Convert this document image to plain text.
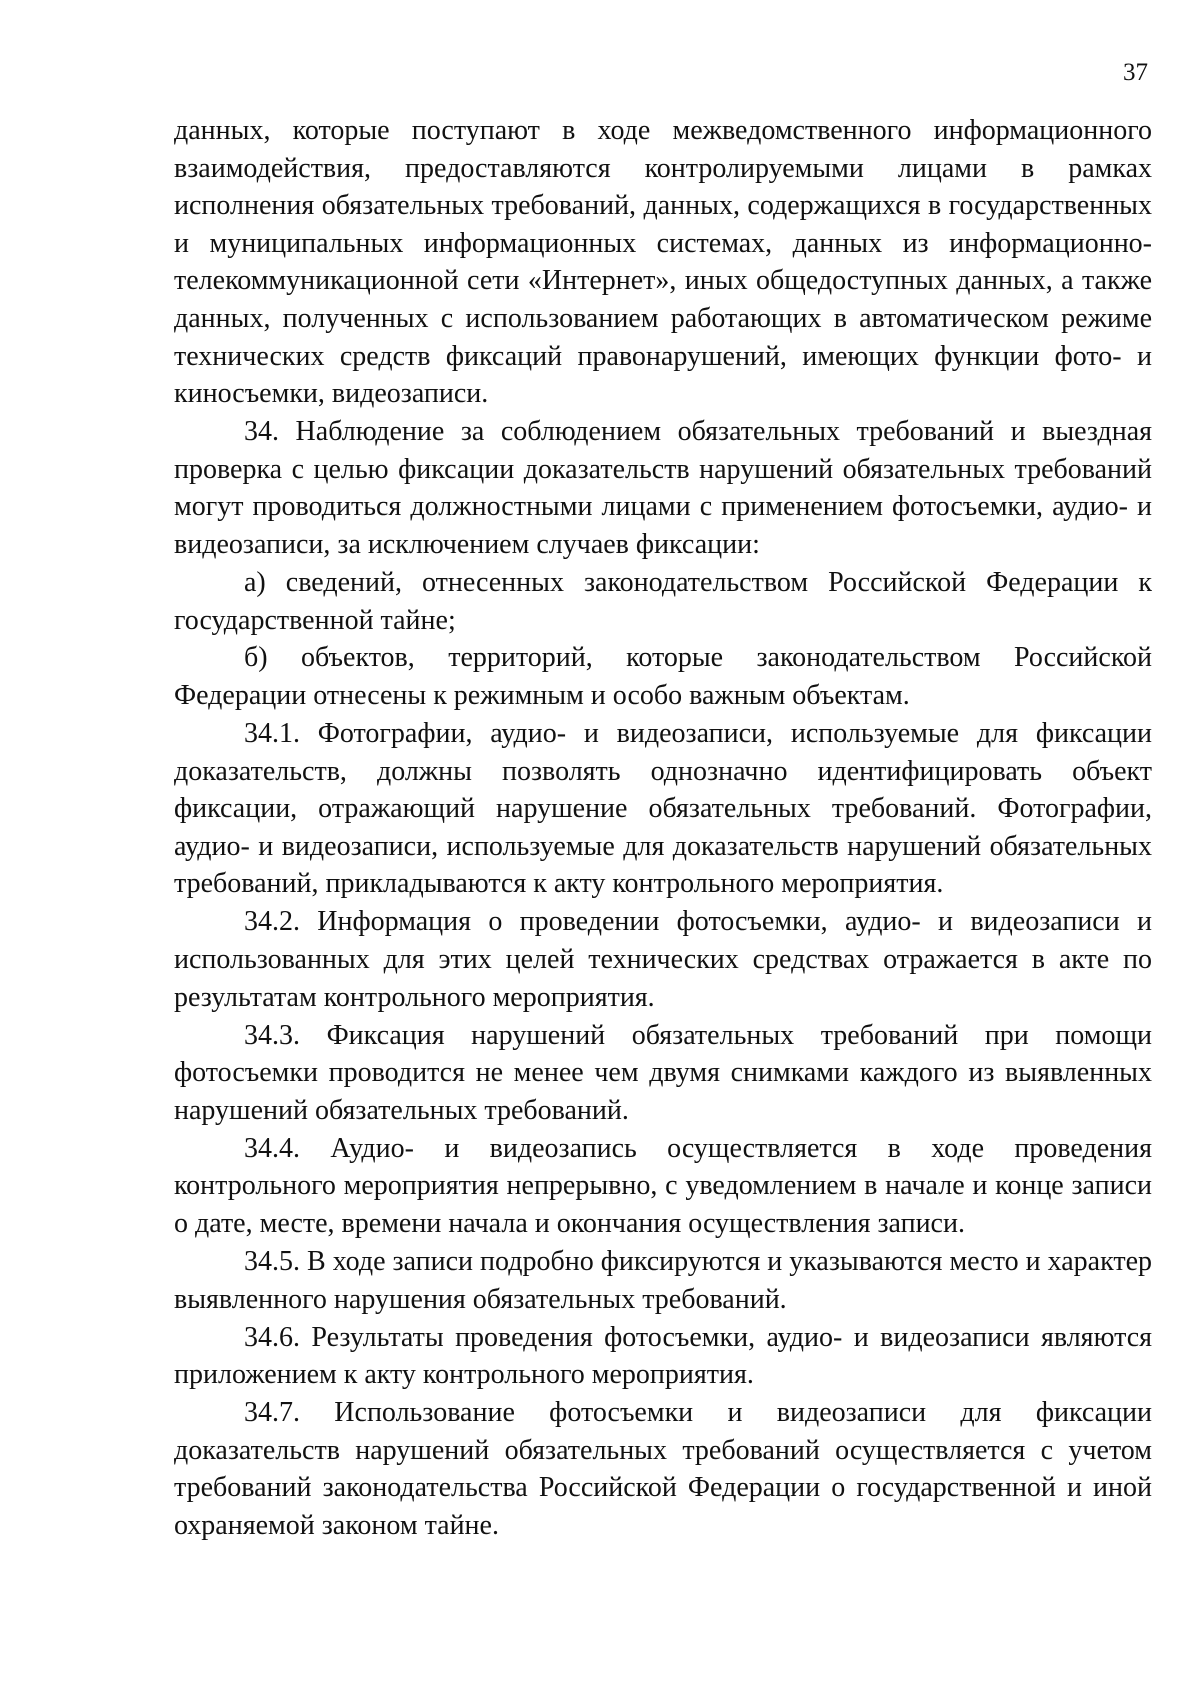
37

данных, которые поступают в ходе межведомственного информационного взаимодействия, предоставляются контролируемыми лицами в рамках исполнения обязательных требований, данных, содержащихся в государственных и муниципальных информационных системах, данных из информационно-телекоммуникационной сети «Интернет», иных общедоступных данных, а также данных, полученных с использованием работающих в автоматическом режиме технических средств фиксаций правонарушений, имеющих функции фото- и киносъемки, видеозаписи.

34. Наблюдение за соблюдением обязательных требований и выездная проверка с целью фиксации доказательств нарушений обязательных требований могут проводиться должностными лицами с применением фотосъемки, аудио- и видеозаписи, за исключением случаев фиксации:

а) сведений, отнесенных законодательством Российской Федерации к государственной тайне;

б) объектов, территорий, которые законодательством Российской Федерации отнесены к режимным и особо важным объектам.

34.1. Фотографии, аудио- и видеозаписи, используемые для фиксации доказательств, должны позволять однозначно идентифицировать объект фиксации, отражающий нарушение обязательных требований. Фотографии, аудио- и видеозаписи, используемые для доказательств нарушений обязательных требований, прикладываются к акту контрольного мероприятия.

34.2. Информация о проведении фотосъемки, аудио- и видеозаписи и использованных для этих целей технических средствах отражается в акте по результатам контрольного мероприятия.

34.3. Фиксация нарушений обязательных требований при помощи фотосъемки проводится не менее чем двумя снимками каждого из выявленных нарушений обязательных требований.

34.4. Аудио- и видеозапись осуществляется в ходе проведения контрольного мероприятия непрерывно, с уведомлением в начале и конце записи о дате, месте, времени начала и окончания осуществления записи.

34.5. В ходе записи подробно фиксируются и указываются место и характер выявленного нарушения обязательных требований.

34.6. Результаты проведения фотосъемки, аудио- и видеозаписи являются приложением к акту контрольного мероприятия.

34.7. Использование фотосъемки и видеозаписи для фиксации доказательств нарушений обязательных требований осуществляется с учетом требований законодательства Российской Федерации о государственной и иной охраняемой законом тайне.
